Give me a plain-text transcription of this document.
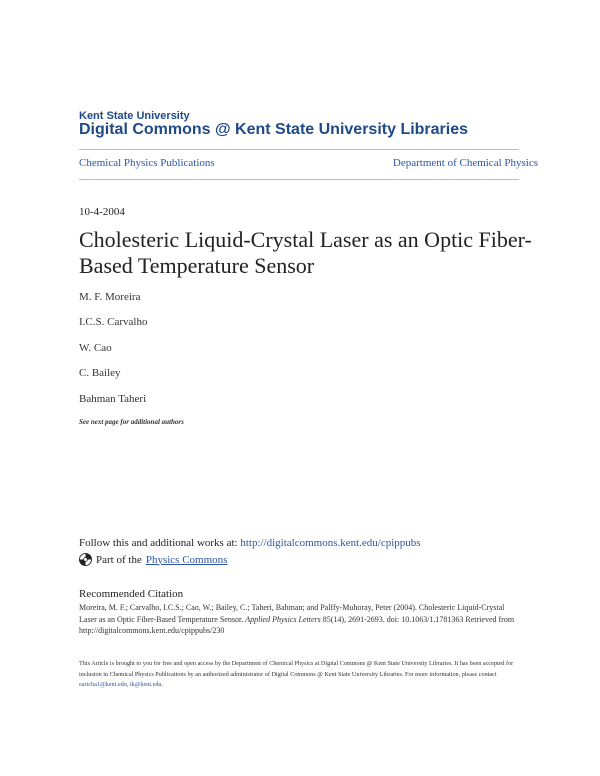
Kent State University
Digital Commons @ Kent State University Libraries
Chemical Physics Publications	Department of Chemical Physics
10-4-2004
Cholesteric Liquid-Crystal Laser as an Optic Fiber-Based Temperature Sensor
M. F. Moreira
I.C.S. Carvalho
W. Cao
C. Bailey
Bahman Taheri
See next page for additional authors
Follow this and additional works at: http://digitalcommons.kent.edu/cpippubs
Part of the Physics Commons
Recommended Citation
Moreira, M. F.; Carvalho, I.C.S.; Cao, W.; Bailey, C.; Taheri, Bahman; and Palffy-Muhoray, Peter (2004). Cholesteric Liquid-Crystal Laser as an Optic Fiber-Based Temperature Sensor. Applied Physics Letters 85(14), 2691-2693. doi: 10.1063/1.1781363 Retrieved from http://digitalcommons.kent.edu/cpippubs/230
This Article is brought to you for free and open access by the Department of Chemical Physics at Digital Commons @ Kent State University Libraries. It has been accepted for inclusion in Chemical Physics Publications by an authorized administrator of Digital Commons @ Kent State University Libraries. For more information, please contact earicha1@kent.edu, tk@kent.edu.
